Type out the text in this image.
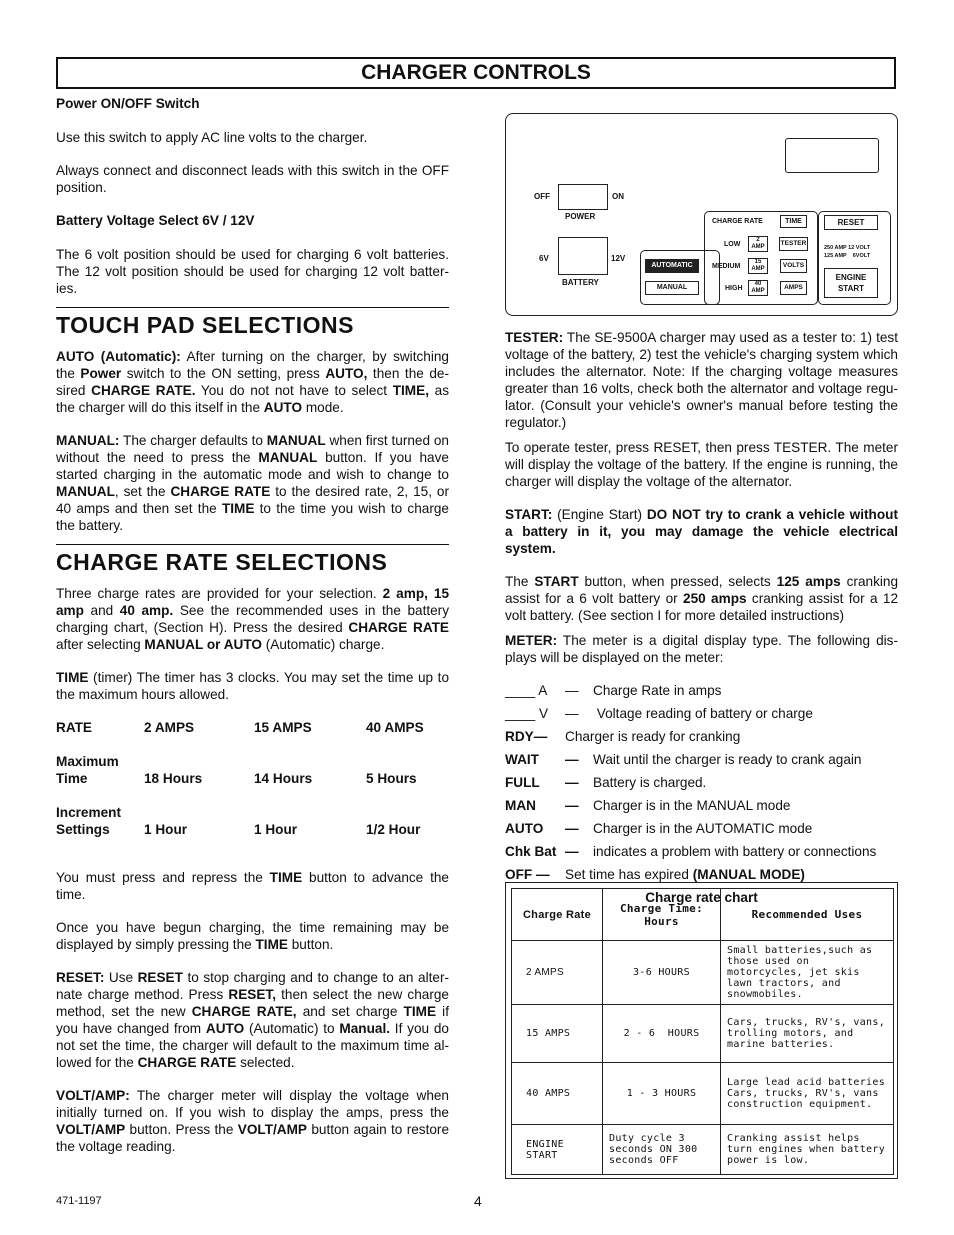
CHARGER CONTROLS
Power ON/OFF Switch

Use this switch to apply AC line volts to the charger.

Always connect and disconnect leads with this switch in the OFF position.

Battery Voltage Select 6V / 12V

The 6 volt position should be used for charging 6 volt batteries. The 12 volt position should be used for charging 12 volt batter-ies.

TOUCH PAD SELECTIONS

AUTO (Automatic): After turning on the charger, by switching the Power switch to the ON setting, press AUTO, then the de-sired CHARGE RATE. You do not not have to select TIME, as the charger will do this itself in the AUTO mode.

MANUAL: The charger defaults to MANUAL when first turned on without the need to press the MANUAL button. If you have started charging in the automatic mode and wish to change to MANUAL, set the CHARGE RATE to the desired rate, 2, 15, or 40 amps and then set the TIME to the time you wish to charge the battery.

CHARGE RATE SELECTIONS

Three charge rates are provided for your selection. 2 amp, 15 amp and 40 amp. See the recommended uses in the battery charging chart, (Section H). Press the desired CHARGE RATE after selecting MANUAL or AUTO (Automatic) charge.

TIME (timer) The timer has 3 clocks. You may set the time up to the maximum hours allowed.

RATE	2 AMPS	15 AMPS	40 AMPS
Maximum
Time	18 Hours	14 Hours	5 Hours
Increment
Settings	1 Hour	1 Hour	1/2 Hour

You must press and repress the TIME button to advance the time.

Once you have begun charging, the time remaining may be displayed by simply pressing the TIME button.

RESET: Use RESET to stop charging and to change to an alter-nate charge method. Press RESET, then select the new charge method, set the new CHARGE RATE, and set charge TIME if you have changed from AUTO (Automatic) to Manual. If you do not set the time, the charger will default to the maximum time al-lowed for the CHARGE RATE selected.

VOLT/AMP: The charger meter will display the voltage when initially turned on. If you wish to display the amps, press the VOLT/AMP button. Press the VOLT/AMP button again to restore the voltage reading.

OFF	ON
POWER
6V	12V
BATTERY
AUTOMATIC
MANUAL
CHARGE RATE	TIME
LOW
2
AMP
MEDIUM
15
AMP
HIGH
40
AMP
TESTER
VOLTS
AMPS
RESET
250 AMP 12 VOLT
125 AMP    6VOLT
ENGINE
START

TESTER: The SE-9500A charger may used as a tester to: 1) test voltage of the battery, 2) test the vehicle's charging system which includes the alternator. Note: If the charging voltage measures greater than 16 volts, check both the alternator and voltage regu-lator. (Consult your vehicle's owner's manual before testing the regulator.)

To operate tester, press RESET, then press TESTER. The meter will display the voltage of the battery. If the engine is running, the charger will display the voltage of the alternator.

START: (Engine Start) DO NOT try to crank a vehicle without a battery in it, you may damage the vehicle electrical system.

The START button, when pressed, selects 125 amps cranking assist for a 6 volt battery or 250 amps cranking assist for a 12 volt battery. (See section I for more detailed instructions)

METER: The meter is a digital display type. The following dis-plays will be displayed on the meter:

____ A	—	Charge Rate in amps
____ V	—	Voltage reading of battery or charge
RDY—	Charger is ready for cranking
WAIT	—	Wait until the charger is ready to crank again
FULL	—	Battery is charged.
MAN	—	Charger is in the MANUAL mode
AUTO	—	Charger is in the AUTOMATIC mode
Chk Bat —	indicates a problem with battery or connections
OFF —	Set time has expired (MANUAL MODE)
Charge rate chart
Charge Rate	Charge Time: Hours	Recommended Uses
2 AMPS	3-6 HOURS	Small batteries,such as those used on motorcycles, jet skis lawn tractors, and snowmobiles.
15 AMPS	2 - 6  HOURS	Cars, trucks, RV's, vans, trolling motors, and marine batteries.
40 AMPS	1 - 3 HOURS	Large lead acid batteries Cars, trucks, RV's, vans construction equipment.
ENGINE START	Duty cycle 3 seconds ON 300 seconds OFF	Cranking assist helps turn engines when battery power is low.
471-1197	4
